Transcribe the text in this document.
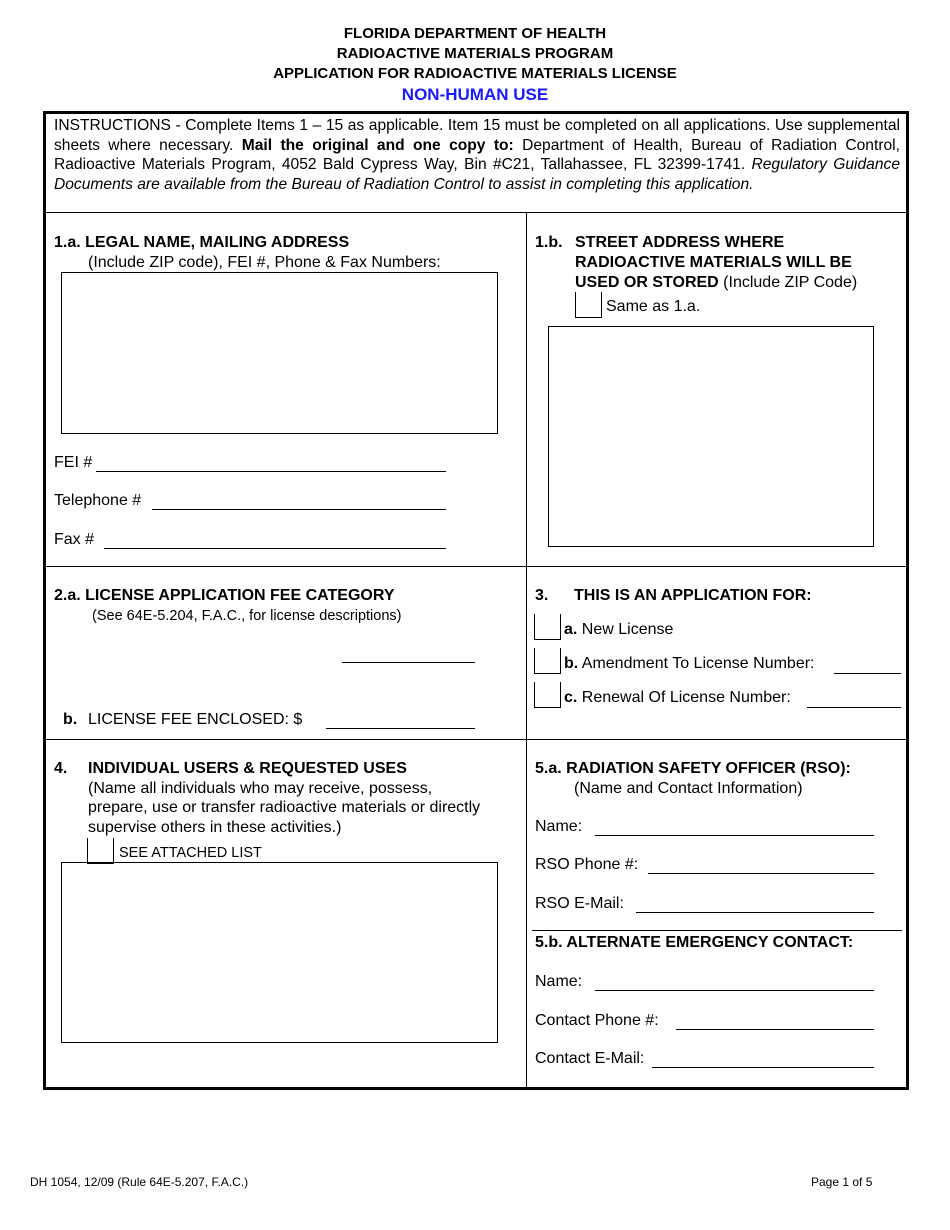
FLORIDA DEPARTMENT OF HEALTH
RADIOACTIVE MATERIALS PROGRAM
APPLICATION FOR RADIOACTIVE MATERIALS LICENSE
NON-HUMAN USE
INSTRUCTIONS - Complete Items 1 – 15 as applicable. Item 15 must be completed on all applications. Use supplemental sheets where necessary. Mail the original and one copy to: Department of Health, Bureau of Radiation Control, Radioactive Materials Program, 4052 Bald Cypress Way, Bin #C21, Tallahassee, FL 32399-1741. Regulatory Guidance Documents are available from the Bureau of Radiation Control to assist in completing this application.
1.a. LEGAL NAME, MAILING ADDRESS
(Include ZIP code), FEI #, Phone & Fax Numbers:
FEI #
Telephone #
Fax #
1.b. STREET ADDRESS WHERE
RADIOACTIVE MATERIALS WILL BE
USED OR STORED (Include ZIP Code)
Same as 1.a.
2.a. LICENSE APPLICATION FEE CATEGORY
(See 64E-5.204, F.A.C., for license descriptions)
b. LICENSE FEE ENCLOSED: $
3. THIS IS AN APPLICATION FOR:
a. New License
b. Amendment To License Number:
c. Renewal Of License Number:
4. INDIVIDUAL USERS & REQUESTED USES
(Name all individuals who may receive, possess,
prepare, use or transfer radioactive materials or directly
supervise others in these activities.)
SEE ATTACHED LIST
5.a. RADIATION SAFETY OFFICER (RSO):
(Name and Contact Information)
Name:
RSO Phone #:
RSO E-Mail:
5.b. ALTERNATE EMERGENCY CONTACT:
Name:
Contact Phone #:
Contact E-Mail:
DH 1054, 12/09 (Rule 64E-5.207, F.A.C.)	Page 1 of 5
